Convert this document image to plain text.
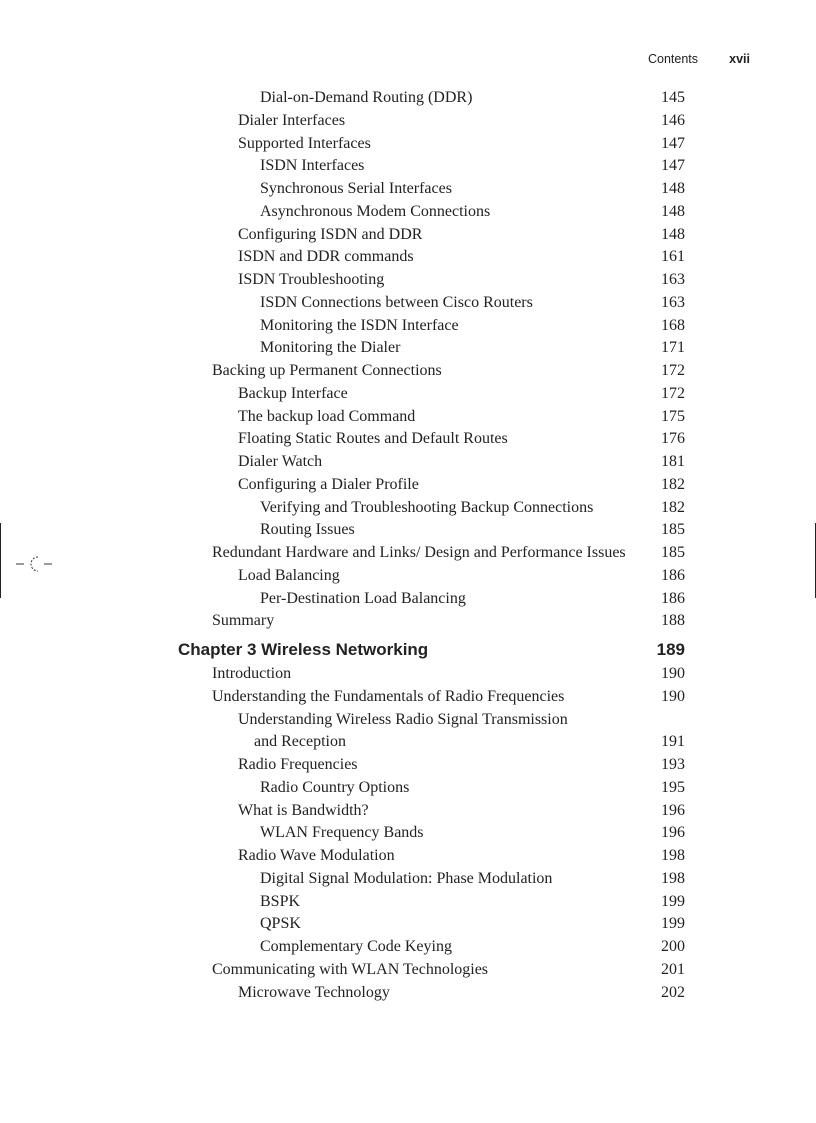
Contents xvii
Dial-on-Demand Routing (DDR)	145
Dialer Interfaces	146
Supported Interfaces	147
ISDN Interfaces	147
Synchronous Serial Interfaces	148
Asynchronous Modem Connections	148
Configuring ISDN and DDR	148
ISDN and DDR commands	161
ISDN Troubleshooting	163
ISDN Connections between Cisco Routers	163
Monitoring the ISDN Interface	168
Monitoring the Dialer	171
Backing up Permanent Connections	172
Backup Interface	172
The backup load Command	175
Floating Static Routes and Default Routes	176
Dialer Watch	181
Configuring a Dialer Profile	182
Verifying and Troubleshooting Backup Connections	182
Routing Issues	185
Redundant Hardware and Links/ Design and Performance Issues 185
Load Balancing	186
Per-Destination Load Balancing	186
Summary	188
Chapter 3 Wireless Networking	189
Introduction	190
Understanding the Fundamentals of Radio Frequencies	190
Understanding Wireless Radio Signal Transmission
and Reception	191
Radio Frequencies	193
Radio Country Options	195
What is Bandwidth?	196
WLAN Frequency Bands	196
Radio Wave Modulation	198
Digital Signal Modulation: Phase Modulation	198
BSPK	199
QPSK	199
Complementary Code Keying	200
Communicating with WLAN Technologies	201
Microwave Technology	202
